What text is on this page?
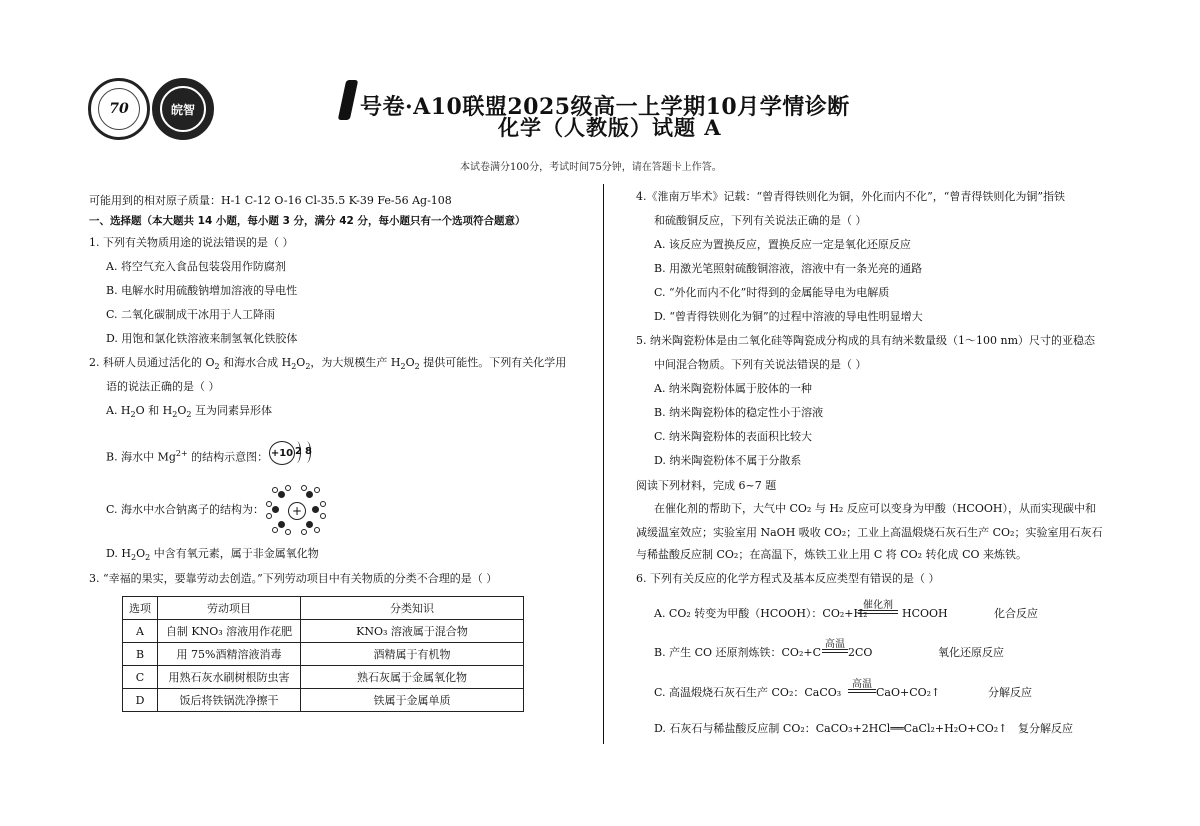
70	皖智	号卷·A10联盟2025级高一上学期10月学情诊断
化学（人教版）试题 A
本试卷满分100分，考试时间75分钟，请在答题卡上作答。
可能用到的相对原子质量：H-1 C-12 O-16 Cl-35.5 K-39 Fe-56 Ag-108
一、选择题（本大题共 14 小题，每小题 3 分，满分 42 分，每小题只有一个选项符合题意）
1. 下列有关物质用途的说法错误的是（ ）
A. 将空气充入食品包装袋用作防腐剂
B. 电解水时用硫酸钠增加溶液的导电性
C. 二氧化碳制成干冰用于人工降雨
D. 用饱和氯化铁溶液来制氢氧化铁胶体
2. 科研人员通过活化的 $O_2$ 和海水合成 $H_2O_2$，为大规模生产 $H_2O_2$ 提供可能性。下列有关化学用
语的说法正确的是（ ）
A. $H_2O$ 和 $H_2O_2$ 互为同素异形体
B. 海水中 $Mg^{2+}$ 的结构示意图： +10 2 8
C. 海水中水合钠离子的结构为：	+
D. $H_2O_2$ 中含有氧元素，属于非金属氧化物
3. “幸福的果实，要靠劳动去创造。”下列劳动项目中有关物质的分类不合理的是（ ）
选项	劳动项目	分类知识
A	自制 KNO₃ 溶液用作花肥	KNO₃ 溶液属于混合物
B	用 75%酒精溶液消毒	酒精属于有机物
C	用熟石灰水刷树根防虫害	熟石灰属于金属氧化物
D	饭后将铁锅洗净擦干	铁属于金属单质
4.《淮南万毕术》记载：“曾青得铁则化为铜，外化而内不化”，“曾青得铁则化为铜”指铁
和硫酸铜反应，下列有关说法正确的是（ ）
A. 该反应为置换反应，置换反应一定是氧化还原反应
B. 用激光笔照射硫酸铜溶液，溶液中有一条光亮的通路
C. “外化而内不化”时得到的金属能导电为电解质
D. “曾青得铁则化为铜”的过程中溶液的导电性明显增大
5. 纳米陶瓷粉体是由二氧化硅等陶瓷成分构成的具有纳米数量级（1～100 nm）尺寸的亚稳态
中间混合物质。下列有关说法错误的是（ ）
A. 纳米陶瓷粉体属于胶体的一种
B. 纳米陶瓷粉体的稳定性小于溶液
C. 纳米陶瓷粉体的表面积比较大
D. 纳米陶瓷粉体不属于分散系
阅读下列材料，完成 6~7 题
在催化剂的帮助下，大气中 CO₂ 与 H₂ 反应可以变身为甲酸（HCOOH），从而实现碳中和
减缓温室效应；实验室用 NaOH 吸收 CO₂；工业上高温煅烧石灰石生产 CO₂；实验室用石灰石
与稀盐酸反应制 CO₂；在高温下，炼铁工业上用 C 将 CO₂ 转化成 CO 来炼铁。
6. 下列有关反应的化学方程式及基本反应类型有错误的是（ ）
A. CO₂ 转变为甲酸（HCOOH）：CO₂+H₂
催化剂
HCOOH	化合反应
B. 产生 CO 还原剂炼铁：CO₂+C
高温
2CO	氧化还原反应
C. 高温煅烧石灰石生产 CO₂：CaCO₃
高温
CaO+CO₂↑	分解反应
D. 石灰石与稀盐酸反应制 CO₂：CaCO₃+2HCl══CaCl₂+H₂O+CO₂↑ 复分解反应
